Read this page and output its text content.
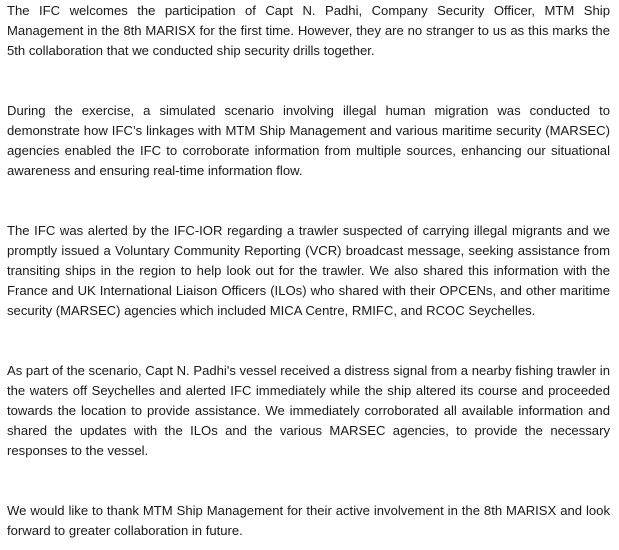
The IFC welcomes the participation of Capt N. Padhi, Company Security Officer, MTM Ship Management in the 8th MARISX for the first time. However, they are no stranger to us as this marks the 5th collaboration that we conducted ship security drills together.

During the exercise, a simulated scenario involving illegal human migration was conducted to demonstrate how IFC’s linkages with MTM Ship Management and various maritime security (MARSEC) agencies enabled the IFC to corroborate information from multiple sources, enhancing our situational awareness and ensuring real-time information flow.

The IFC was alerted by the IFC-IOR regarding a trawler suspected of carrying illegal migrants and we promptly issued a Voluntary Community Reporting (VCR) broadcast message, seeking assistance from transiting ships in the region to help look out for the trawler. We also shared this information with the France and UK International Liaison Officers (ILOs) who shared with their OPCENs, and other maritime security (MARSEC) agencies which included MICA Centre, RMIFC, and RCOC Seychelles.

As part of the scenario, Capt N. Padhi's vessel received a distress signal from a nearby fishing trawler in the waters off Seychelles and alerted IFC immediately while the ship altered its course and proceeded towards the location to provide assistance. We immediately corroborated all available information and shared the updates with the ILOs and the various MARSEC agencies, to provide the necessary responses to the vessel.

We would like to thank MTM Ship Management for their active involvement in the 8th MARISX and look forward to greater collaboration in future.
